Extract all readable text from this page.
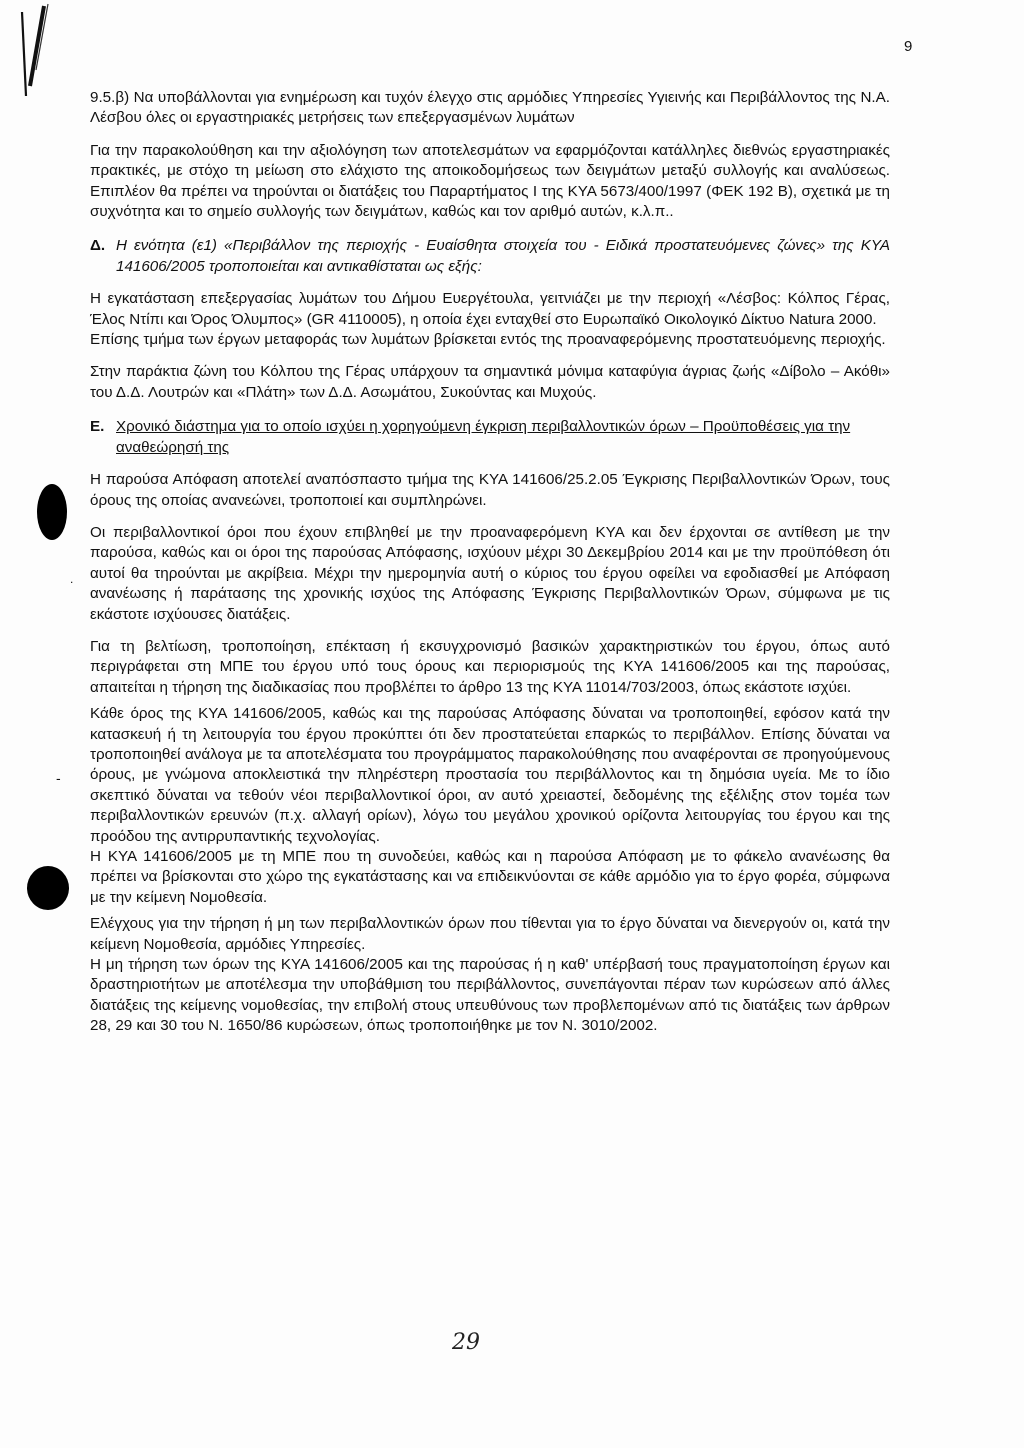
9
-
.

9.5.β) Να υποβάλλονται για ενημέρωση και τυχόν έλεγχο στις αρμόδιες Υπηρεσίες Υγιεινής και Περιβάλλοντος της Ν.Α. Λέσβου όλες οι εργαστηριακές μετρήσεις των επεξεργασμένων λυμάτων

Για την παρακολούθηση και την αξιολόγηση των αποτελεσμάτων να εφαρμόζονται κατάλληλες διεθνώς εργαστηριακές πρακτικές, με στόχο τη μείωση στο ελάχιστο της αποικοδομήσεως των δειγμάτων μεταξύ συλλογής και αναλύσεως. Επιπλέον θα πρέπει να τηρούνται οι διατάξεις του Παραρτήματος Ι της ΚΥΑ 5673/400/1997 (ΦΕΚ 192 Β), σχετικά με τη συχνότητα και το σημείο συλλογής των δειγμάτων, καθώς και τον αριθμό αυτών, κ.λ.π..

Δ. Η ενότητα (ε1) «Περιβάλλον της περιοχής - Ευαίσθητα στοιχεία του - Ειδικά προστατευόμενες ζώνες» της ΚΥΑ 141606/2005 τροποποιείται και αντικαθίσταται ως εξής:

Η εγκατάσταση επεξεργασίας λυμάτων του Δήμου Ευεργέτουλα, γειτνιάζει με την περιοχή «Λέσβος: Κόλπος Γέρας, Έλος Ντίπι και Όρος Όλυμπος» (GR 4110005), η οποία έχει ενταχθεί στο Ευρωπαϊκό Οικολογικό Δίκτυο Natura 2000.

Επίσης τμήμα των έργων μεταφοράς των λυμάτων βρίσκεται εντός της προαναφερόμενης προστατευόμενης περιοχής.

Στην παράκτια ζώνη του Κόλπου της Γέρας υπάρχουν τα σημαντικά μόνιμα καταφύγια άγριας ζωής «Δίβολο – Ακόθι» του Δ.Δ. Λουτρών και «Πλάτη» των Δ.Δ. Ασωμάτου, Συκούντας και Μυχούς.

Ε. Χρονικό διάστημα για το οποίο ισχύει η χορηγούμενη έγκριση περιβαλλοντικών όρων – Προϋποθέσεις για την αναθεώρησή της

Η παρούσα Απόφαση αποτελεί αναπόσπαστο τμήμα της ΚΥΑ 141606/25.2.05 Έγκρισης Περιβαλλοντικών Όρων, τους όρους της οποίας ανανεώνει, τροποποιεί και συμπληρώνει.

Οι περιβαλλοντικοί όροι που έχουν επιβληθεί με την προαναφερόμενη ΚΥΑ και δεν έρχονται σε αντίθεση με την παρούσα, καθώς και οι όροι της παρούσας Απόφασης, ισχύουν μέχρι 30 Δεκεμβρίου 2014 και με την προϋπόθεση ότι αυτοί θα τηρούνται με ακρίβεια. Μέχρι την ημερομηνία αυτή ο κύριος του έργου οφείλει να εφοδιασθεί με Απόφαση ανανέωσης ή παράτασης της χρονικής ισχύος της Απόφασης Έγκρισης Περιβαλλοντικών Όρων, σύμφωνα με τις εκάστοτε ισχύουσες διατάξεις.

Για τη βελτίωση, τροποποίηση, επέκταση ή εκσυγχρονισμό βασικών χαρακτηριστικών του έργου, όπως αυτό περιγράφεται στη ΜΠΕ του έργου υπό τους όρους και περιορισμούς της ΚΥΑ 141606/2005 και της παρούσας, απαιτείται η τήρηση της διαδικασίας που προβλέπει το άρθρο 13 της ΚΥΑ 11014/703/2003, όπως εκάστοτε ισχύει.

Κάθε όρος της ΚΥΑ 141606/2005, καθώς και της παρούσας Απόφασης δύναται να τροποποιηθεί, εφόσον κατά την κατασκευή ή τη λειτουργία του έργου προκύπτει ότι δεν προστατεύεται επαρκώς το περιβάλλον. Επίσης δύναται να τροποποιηθεί ανάλογα με τα αποτελέσματα του προγράμματος παρακολούθησης που αναφέρονται σε προηγούμενους όρους, με γνώμονα αποκλειστικά την πληρέστερη προστασία του περιβάλλοντος και τη δημόσια υγεία. Με το ίδιο σκεπτικό δύναται να τεθούν νέοι περιβαλλοντικοί όροι, αν αυτό χρειαστεί, δεδομένης της εξέλιξης στον τομέα των περιβαλλοντικών ερευνών (π.χ. αλλαγή ορίων), λόγω του μεγάλου χρονικού ορίζοντα λειτουργίας του έργου και της προόδου της αντιρρυπαντικής τεχνολογίας.

Η ΚΥΑ 141606/2005 με τη ΜΠΕ που τη συνοδεύει, καθώς και η παρούσα Απόφαση με το φάκελο ανανέωσης θα πρέπει να βρίσκονται στο χώρο της εγκατάστασης και να επιδεικνύονται σε κάθε αρμόδιο για το έργο φορέα, σύμφωνα με την κείμενη Νομοθεσία.

Ελέγχους για την τήρηση ή μη των περιβαλλοντικών όρων που τίθενται για το έργο δύναται να διενεργούν οι, κατά την κείμενη Νομοθεσία, αρμόδιες Υπηρεσίες.

Η μη τήρηση των όρων της ΚΥΑ 141606/2005 και της παρούσας ή η καθ' υπέρβασή τους πραγματοποίηση έργων και δραστηριοτήτων με αποτέλεσμα την υποβάθμιση του περιβάλλοντος, συνεπάγονται πέραν των κυρώσεων από άλλες διατάξεις της κείμενης νομοθεσίας, την επιβολή στους υπευθύνους των προβλεπομένων από τις διατάξεις των άρθρων 28, 29 και 30 του Ν. 1650/86 κυρώσεων, όπως τροποποιήθηκε με τον Ν. 3010/2002.

29
